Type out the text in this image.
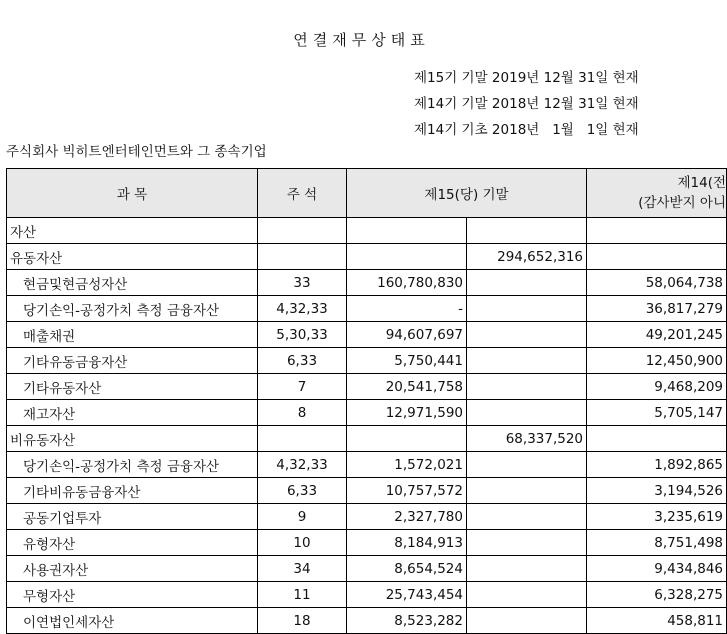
연결재무상태표
제15기 기말 2019년 12월 31일 현재
제14기 기말 2018년 12월 31일 현재
제14기 기초 2018년   1월   1일 현재
주식회사 빅히트엔터테인먼트와 그 종속기업
과 목	주 석	제15(당) 기말		제14(전
(감사받지 아니

자산				
유동자산			294,652,316	
현금및현금성자산	33	160,780,830		58,064,738
당기손익-공정가치 측정 금융자산	4,32,33	-		36,817,279
매출채권	5,30,33	94,607,697		49,201,245
기타유동금융자산	6,33	5,750,441		12,450,900
기타유동자산	7	20,541,758		9,468,209
재고자산	8	12,971,590		5,705,147
비유동자산			68,337,520	
당기손익-공정가치 측정 금융자산	4,32,33	1,572,021		1,892,865
기타비유동금융자산	6,33	10,757,572		3,194,526
공동기업투자	9	2,327,780		3,235,619
유형자산	10	8,184,913		8,751,498
사용권자산	34	8,654,524		9,434,846
무형자산	11	25,743,454		6,328,275
이연법인세자산	18	8,523,282		458,811
